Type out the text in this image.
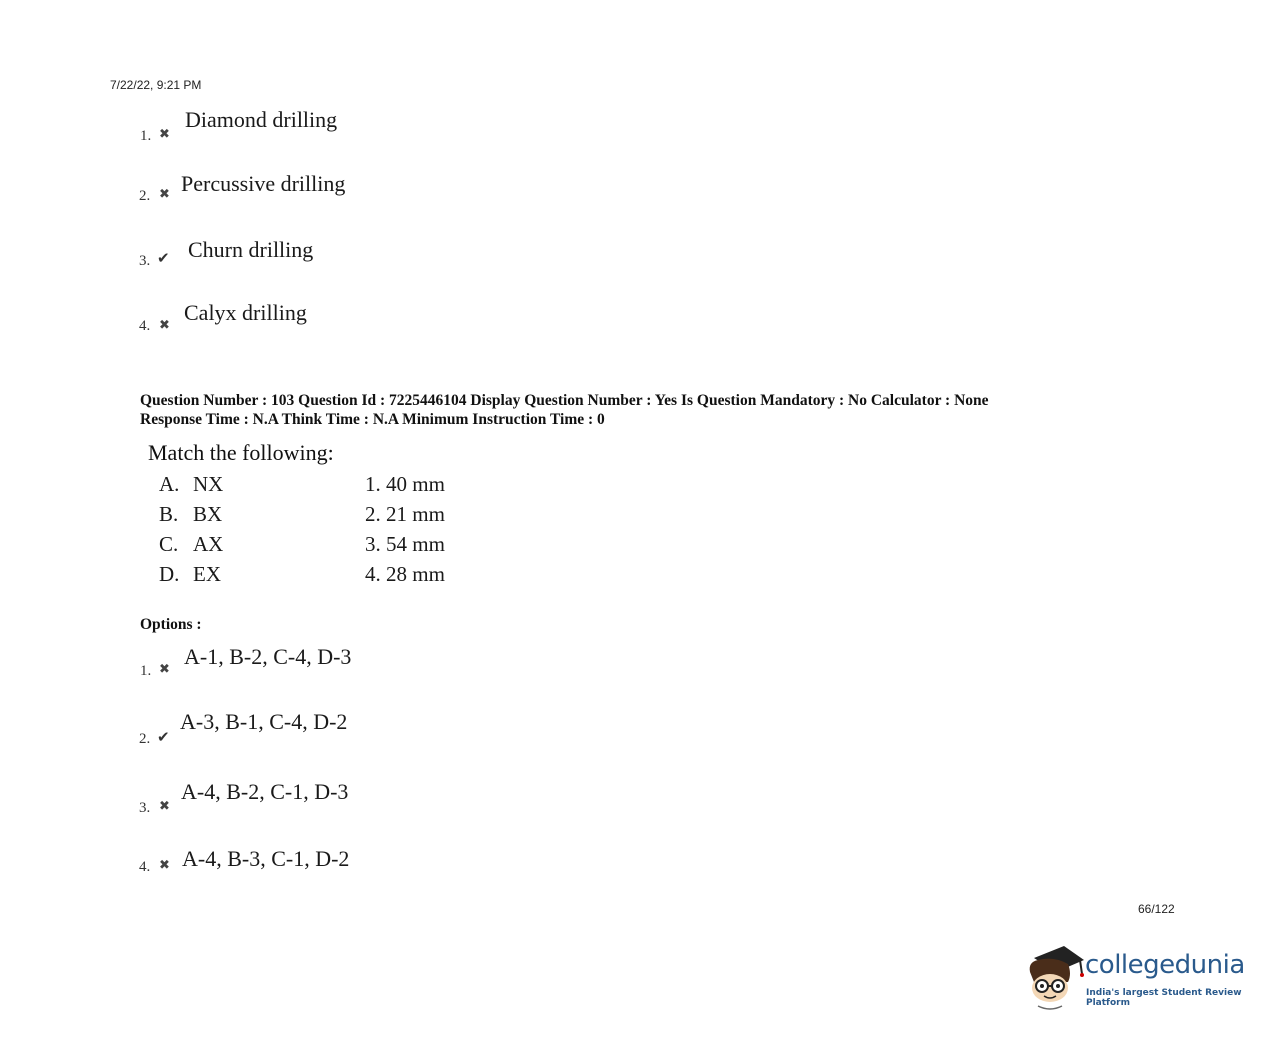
7/22/22, 9:21 PM
1. ✖
Diamond drilling
2. ✖ Percussive drilling
3. ✔ Churn drilling
4. ✖ Calyx drilling
Question Number : 103 Question Id : 7225446104 Display Question Number : Yes Is Question Mandatory : No Calculator : None
Response Time : N.A Think Time : N.A Minimum Instruction Time : 0
Match the following:
A. NX	1. 40 mm
B. BX	2. 21 mm
C. AX	3. 54 mm
D. EX	4. 28 mm
Options :
1. ✖ A-1, B-2, C-4, D-3
2. ✔
A-3, B-1, C-4, D-2
3. ✖
A-4, B-2, C-1, D-3
4. ✖ A-4, B-3, C-1, D-2
66/122
collegedunia
India's largest Student Review Platform
